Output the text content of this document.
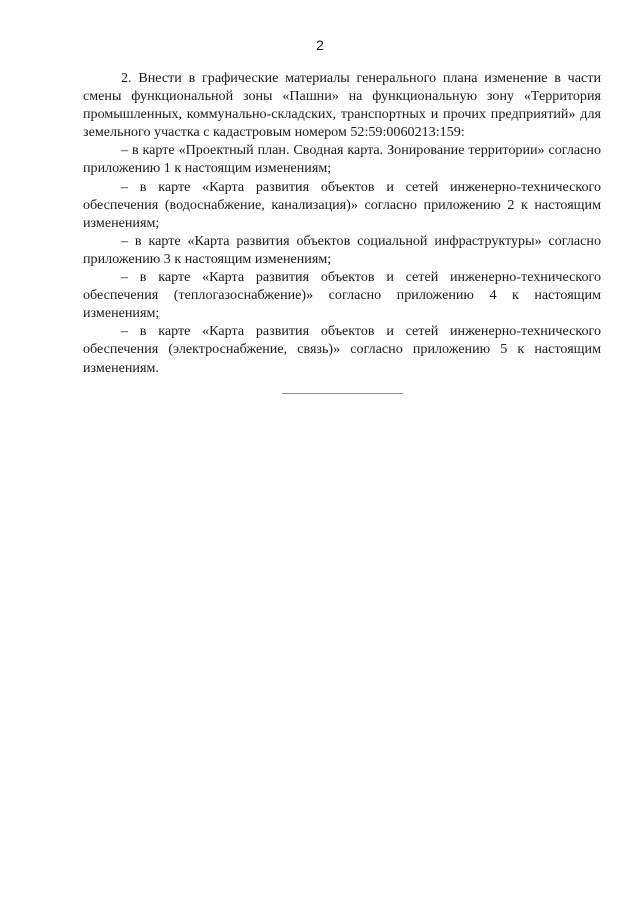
2

2. Внести в графические материалы генерального плана изменение в части смены функциональной зоны «Пашни» на функциональную зону «Территория промышленных, коммунально-складских, транспортных и прочих предприятий» для земельного участка с кадастровым номером 52:59:0060213:159:

– в карте «Проектный план. Сводная карта. Зонирование территории» согласно приложению 1 к настоящим изменениям;

– в карте «Карта развития объектов и сетей инженерно-технического обеспечения (водоснабжение, канализация)» согласно приложению 2 к настоящим изменениям;

– в карте «Карта развития объектов социальной инфраструктуры» согласно приложению 3 к настоящим изменениям;

– в карте «Карта развития объектов и сетей инженерно-технического обеспечения (теплогазоснабжение)» согласно приложению 4 к настоящим изменениям;

– в карте «Карта развития объектов и сетей инженерно-технического обеспечения (электроснабжение, связь)» согласно приложению 5 к настоящим изменениям.
